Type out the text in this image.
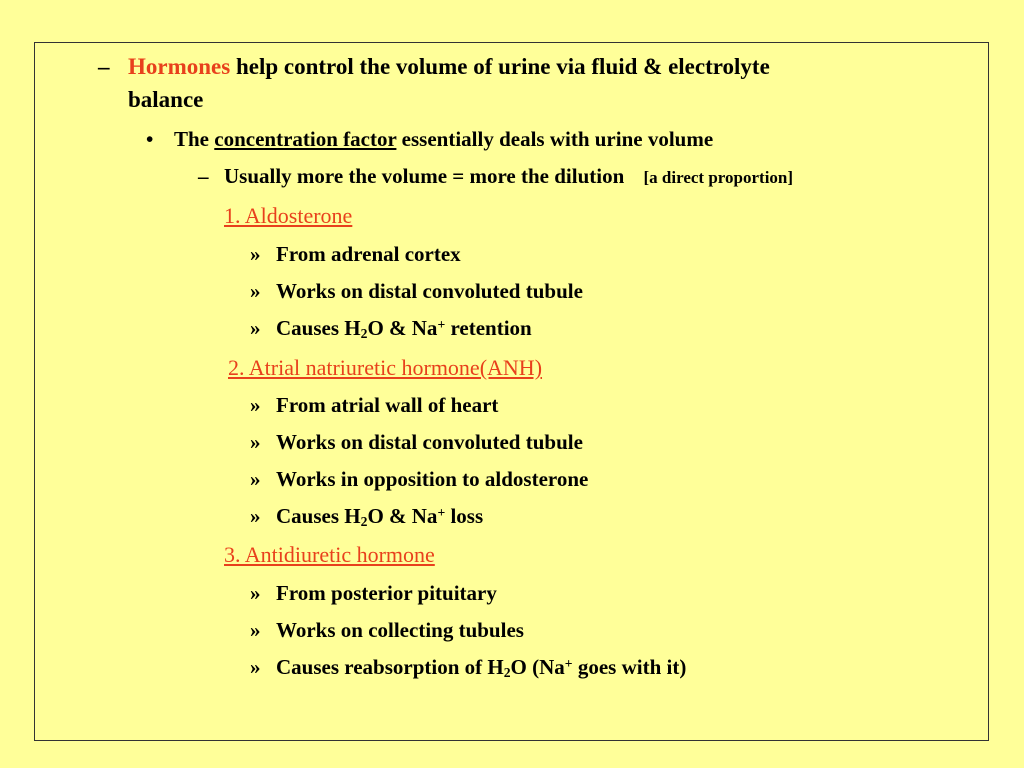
– Hormones help control the volume of urine via fluid & electrolyte
balance
• The concentration factor essentially deals with urine volume
– Usually more the volume = more the dilution [a direct proportion]
1. Aldosterone
» From adrenal cortex
» Works on distal convoluted tubule
» Causes $H_2O$ & Na+ retention
2. Atrial natriuretic hormone(ANH)
» From atrial wall of heart
» Works on distal convoluted tubule
» Works in opposition to aldosterone
» Causes $H_2O$ & Na+ loss
3. Antidiuretic hormone
» From posterior pituitary
» Works on collecting tubules
» Causes reabsorption of $H_2O$ (Na+ goes with it)
